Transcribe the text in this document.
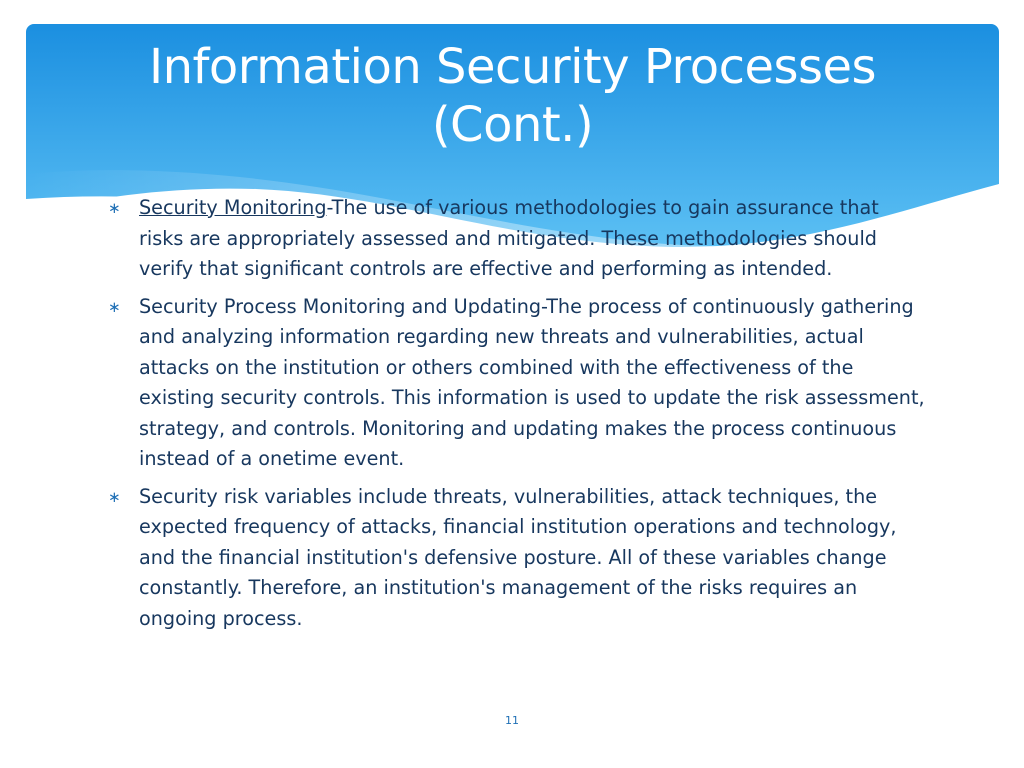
Information Security Processes
(Cont.)
∗ Security Monitoring-The use of various methodologies to gain assurance that risks are appropriately assessed and mitigated. These methodologies should verify that significant controls are effective and performing as intended.
∗ Security Process Monitoring and Updating-The process of continuously gathering and analyzing information regarding new threats and vulnerabilities, actual attacks on the institution or others combined with the effectiveness of the existing security controls. This information is used to update the risk assessment, strategy, and controls. Monitoring and updating makes the process continuous instead of a onetime event.
∗ Security risk variables include threats, vulnerabilities, attack techniques, the expected frequency of attacks, financial institution operations and technology, and the financial institution's defensive posture. All of these variables change constantly. Therefore, an institution's management of the risks requires an ongoing process.
11
